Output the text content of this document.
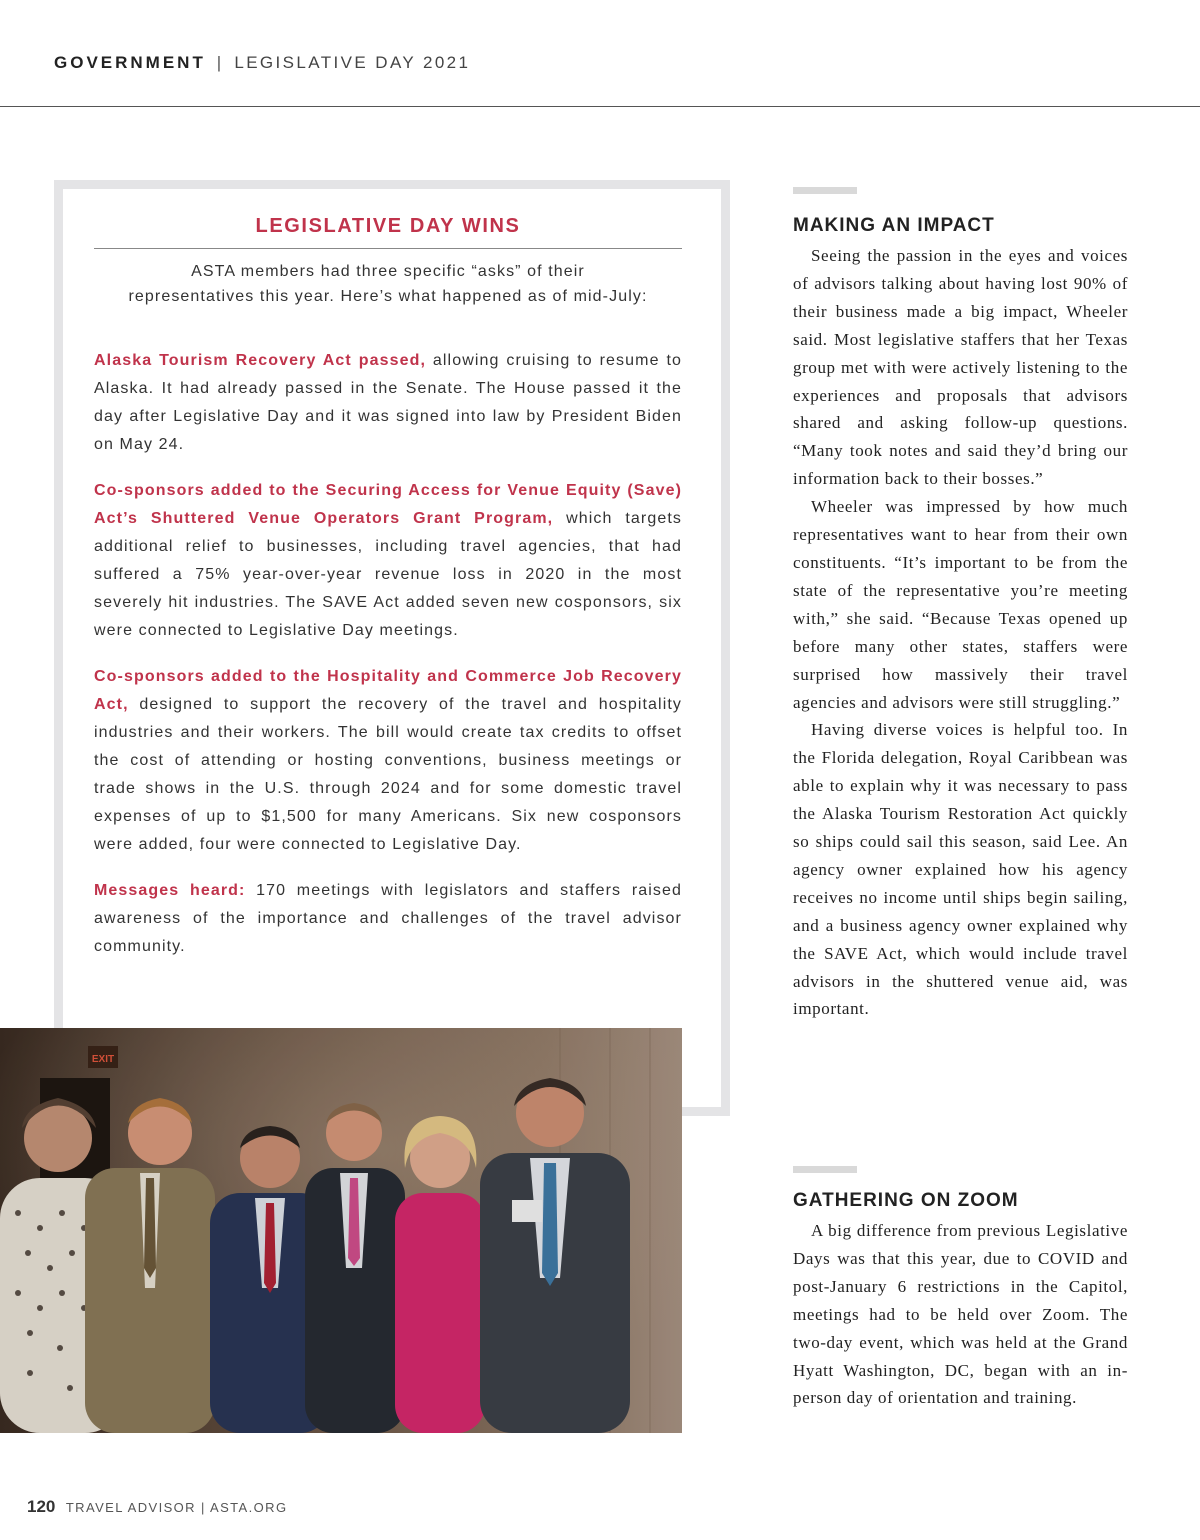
GOVERNMENT | LEGISLATIVE DAY 2021
LEGISLATIVE DAY WINS
ASTA members had three specific “asks” of their
representatives this year. Here’s what happened as of mid-July:

Alaska Tourism Recovery Act passed, allowing cruising to resume to Alaska. It had already passed in the Senate. The House passed it the day after Legislative Day and it was signed into law by President Biden on May 24.

Co-sponsors added to the Securing Access for Venue Equity (Save) Act’s Shuttered Venue Operators Grant Program, which targets additional relief to businesses, including travel agencies, that had suffered a 75% year-over-year revenue loss in 2020 in the most severely hit industries. The SAVE Act added seven new cosponsors, six were connected to Legislative Day meetings.

Co-sponsors added to the Hospitality and Commerce Job Recovery Act, designed to support the recovery of the travel and hospitality industries and their workers. The bill would create tax credits to offset the cost of attending or hosting conventions, business meetings or trade shows in the U.S. through 2024 and for some domestic travel expenses of up to $1,500 for many Americans. Six new cosponsors were added, four were connected to Legislative Day.

Messages heard: 170 meetings with legislators and staffers raised awareness of the importance and challenges of the travel advisor community.

EXIT
MAKING AN IMPACT

Seeing the passion in the eyes and voices of advisors talking about having lost 90% of their business made a big impact, Wheeler said. Most legislative staffers that her Texas group met with were actively listening to the experiences and proposals that advisors shared and asking follow-up questions. “Many took notes and said they’d bring our information back to their bosses.”

Wheeler was impressed by how much representatives want to hear from their own constituents. “It’s important to be from the state of the representative you’re meeting with,” she said. “Because Texas opened up before many other states, staffers were surprised how massively their travel agencies and advisors were still struggling.”

Having diverse voices is helpful too. In the Florida delegation, Royal Caribbean was able to explain why it was necessary to pass the Alaska Tourism Restoration Act quickly so ships could sail this season, said Lee. An agency owner explained how his agency receives no income until ships begin sailing, and a business agency owner explained why the SAVE Act, which would include travel advisors in the shuttered venue aid, was important.

GATHERING ON ZOOM

A big difference from previous Legislative Days was that this year, due to COVID and post-January 6 restrictions in the Capitol, meetings had to be held over Zoom. The two-day event, which was held at the Grand Hyatt Washington, DC, began with an in-person day of orientation and training.

120 TRAVEL ADVISOR | ASTA.ORG
